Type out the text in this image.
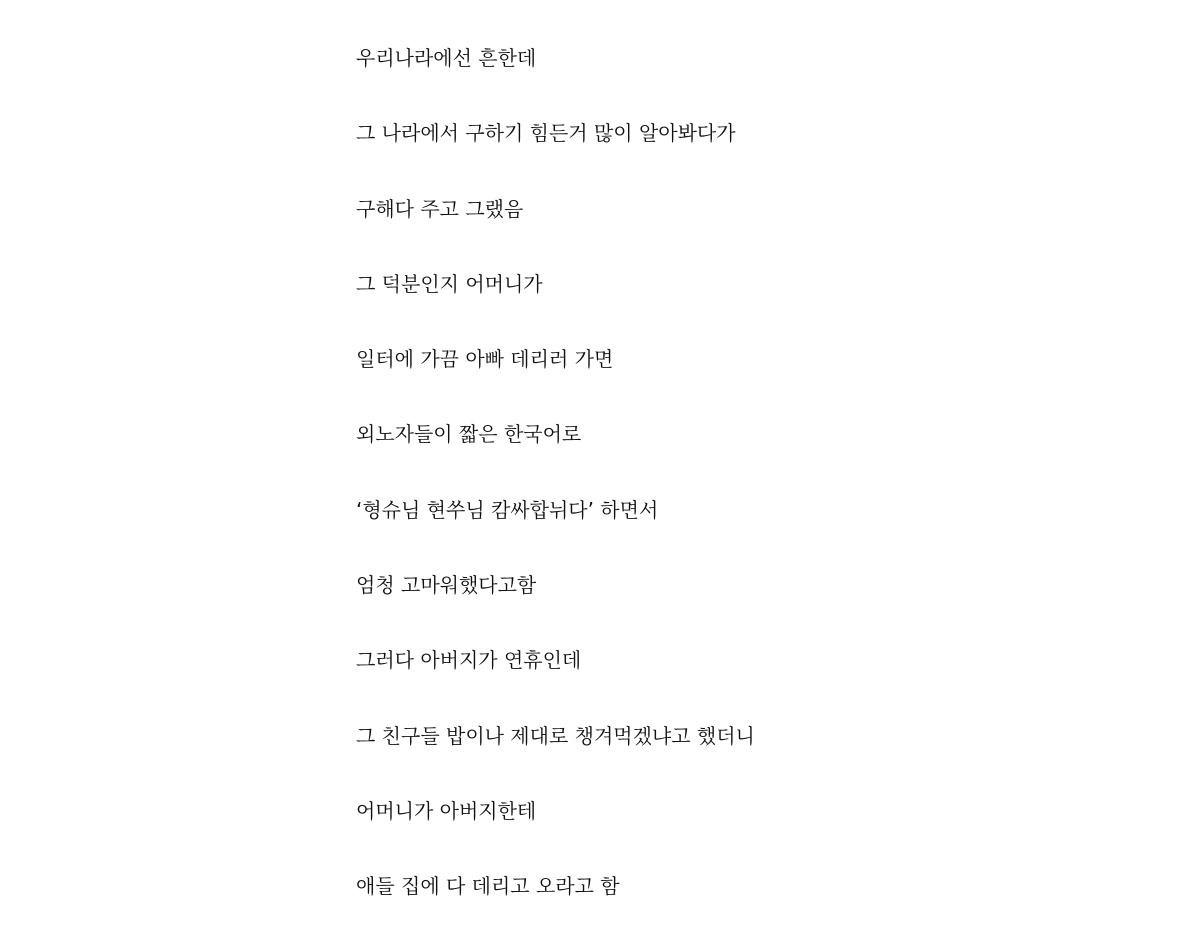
우리나라에선 흔한데

그 나라에서 구하기 힘든거 많이 알아봐다가

구해다 주고 그랬음

그 덕분인지 어머니가

일터에 가끔 아빠 데리러 가면

외노자들이 짧은 한국어로

‘형슈님 현쑤님 캄싸합뉘다’ 하면서

엄청 고마워했다고함

그러다 아버지가 연휴인데

그 친구들 밥이나 제대로 챙겨먹겠냐고 했더니

어머니가 아버지한테

애들 집에 다 데리고 오라고 함
